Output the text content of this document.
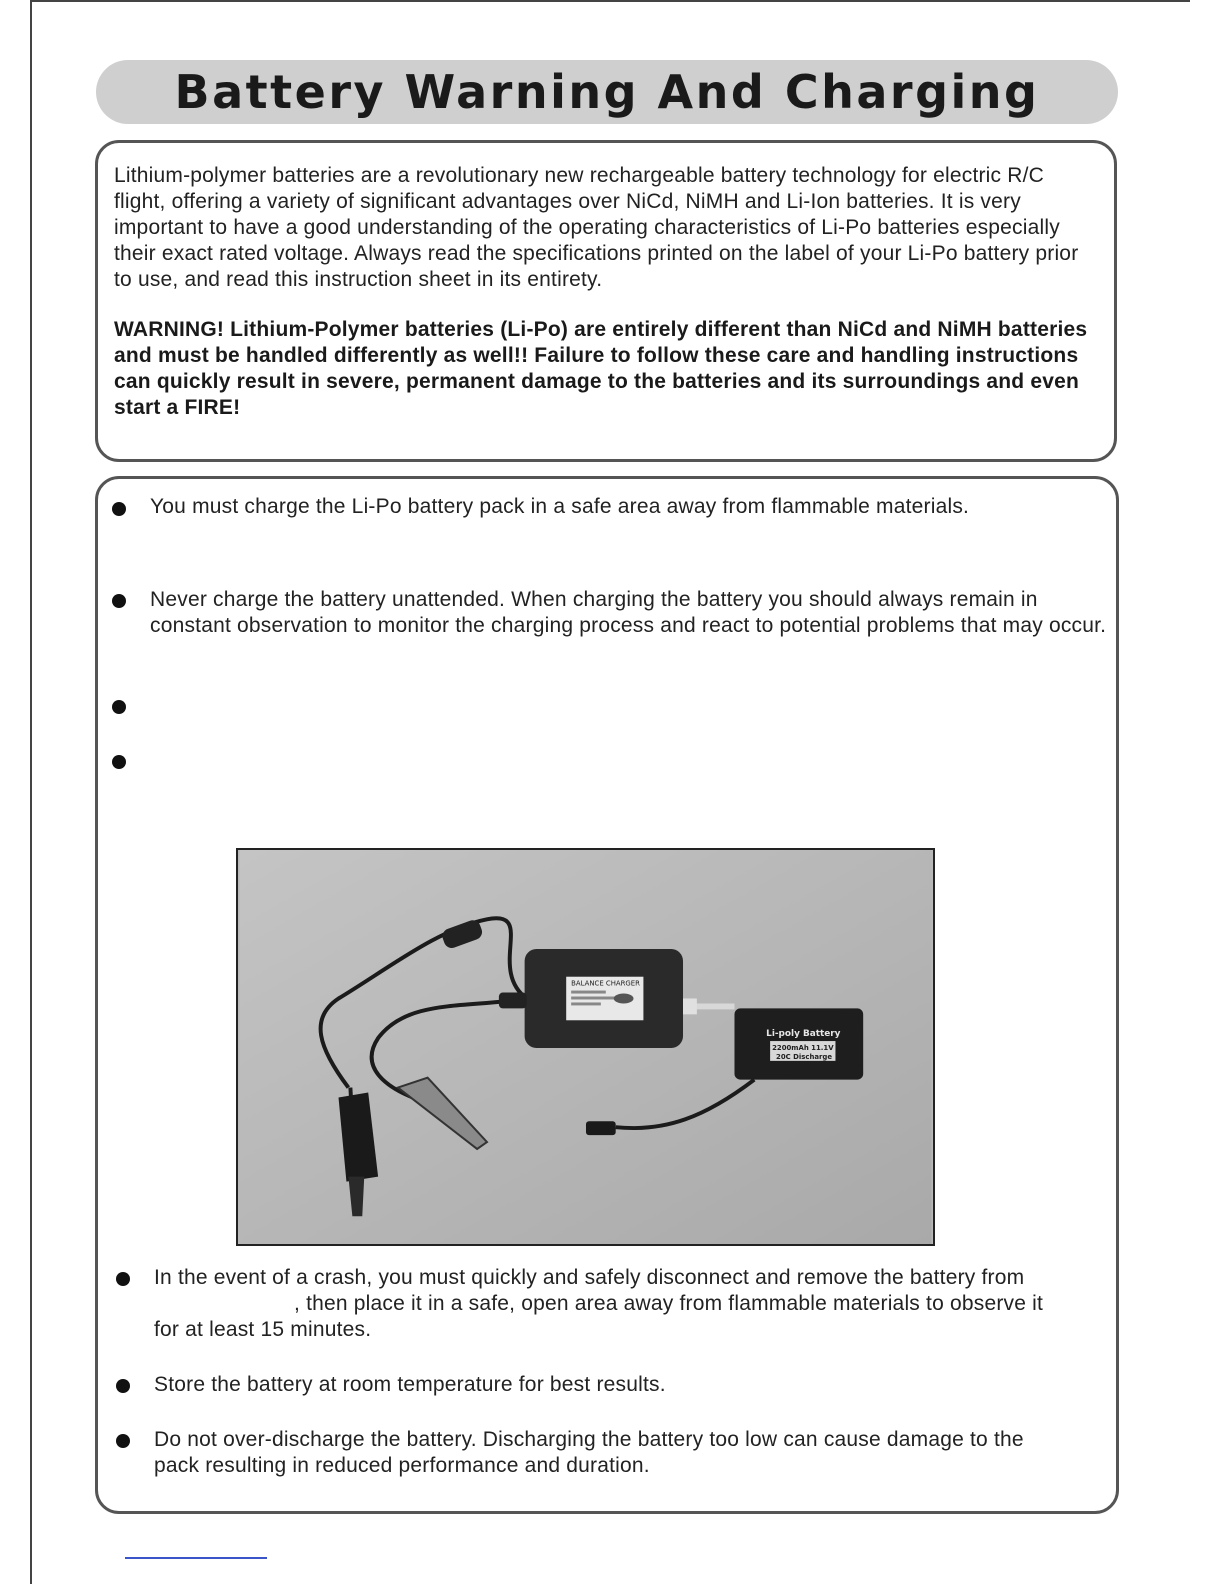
Battery Warning And Charging

Lithium-polymer batteries are a revolutionary new rechargeable battery technology for electric R/C flight, offering a variety of significant advantages over NiCd, NiMH and Li-Ion batteries. It is very important to have a good understanding of the operating characteristics of Li-Po batteries especially their exact rated voltage. Always read the specifications printed on the label of your Li-Po battery prior to use, and read this instruction sheet in its entirety.

WARNING! Lithium-Polymer batteries (Li-Po) are entirely different than NiCd and NiMH batteries and must be handled differently as well!! Failure to follow these care and handling instructions can quickly result in severe, permanent damage to the batteries and its surroundings and even start a FIRE!

You must charge the Li-Po battery pack in a safe area away from flammable materials.
Never charge the battery unattended. When charging the battery you should always remain in constant observation to monitor the charging process and react to potential problems that may occur.
BALANCE CHARGER
Li-poly Battery
2200mAh 11.1V
20C Discharge
In the event of a crash, you must quickly and safely disconnect and remove the battery from, then place it in a safe, open area away from flammable materials to observe it for at least 15 minutes.
Store the battery at room temperature for best results.
Do not over-discharge the battery. Discharging the battery too low can cause damage to the pack resulting in reduced performance and duration.
